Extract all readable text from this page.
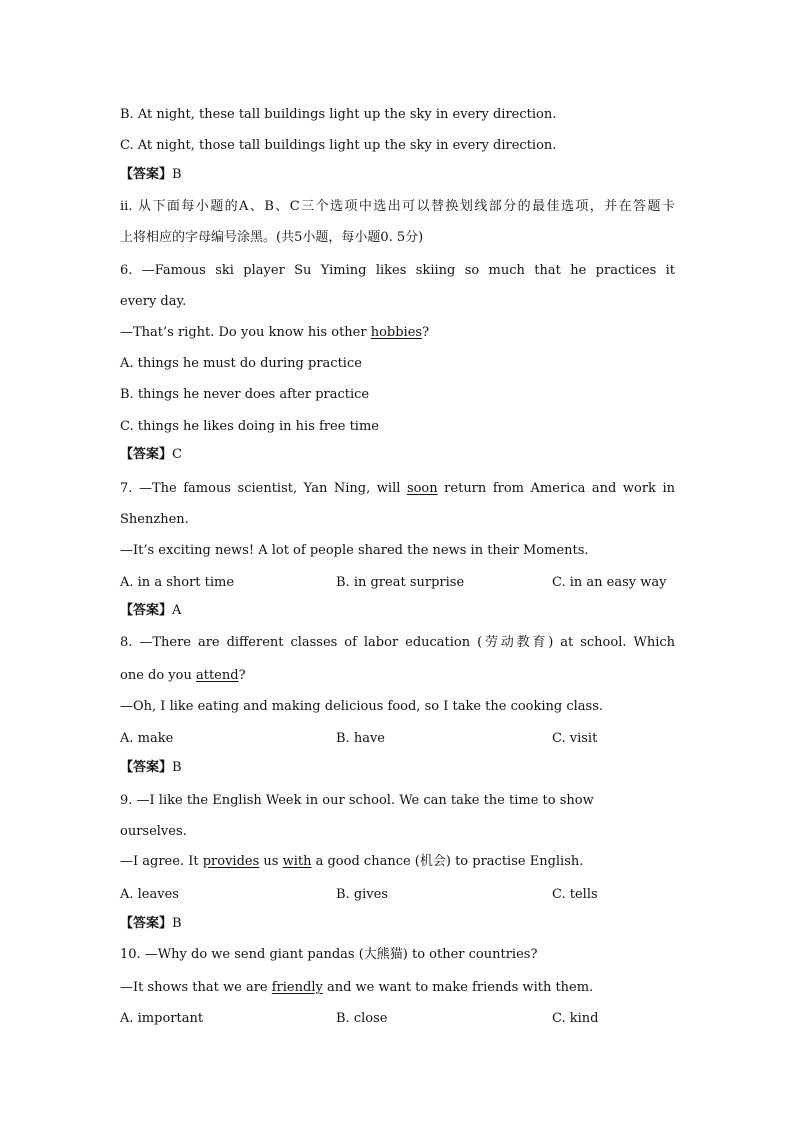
B. At night, these tall buildings light up the sky in every direction.
C. At night, those tall buildings light up the sky in every direction.
【答案】B
ii. 从下面每小题的A、B、C三个选项中选出可以替换划线部分的最佳选项，并在答题卡
上将相应的字母编号涂黑。(共5小题，每小题0. 5分)
6. —Famous ski player Su Yiming likes skiing so much that he practices it
every day.
—That’s right. Do you know his other hobbies?
A. things he must do during practice
B. things he never does after practice
C. things he likes doing in his free time
【答案】C
7. —The famous scientist, Yan Ning, will soon return from America and work in
Shenzhen.
—It’s exciting news! A lot of people shared the news in their Moments.
A. in a short time	B. in great surprise	C. in an easy way
【答案】A
8. —There are different classes of labor education (劳动教育) at school. Which
one do you attend?
—Oh, I like eating and making delicious food, so I take the cooking class.
A. make	B. have	C. visit
【答案】B
9. —I like the English Week in our school. We can take the time to show
ourselves.
—I agree. It provides us with a good chance (机会) to practise English.
A. leaves	B. gives	C. tells
【答案】B
10. —Why do we send giant pandas (大熊猫) to other countries?
—It shows that we are friendly and we want to make friends with them.
A. important	B. close	C. kind
